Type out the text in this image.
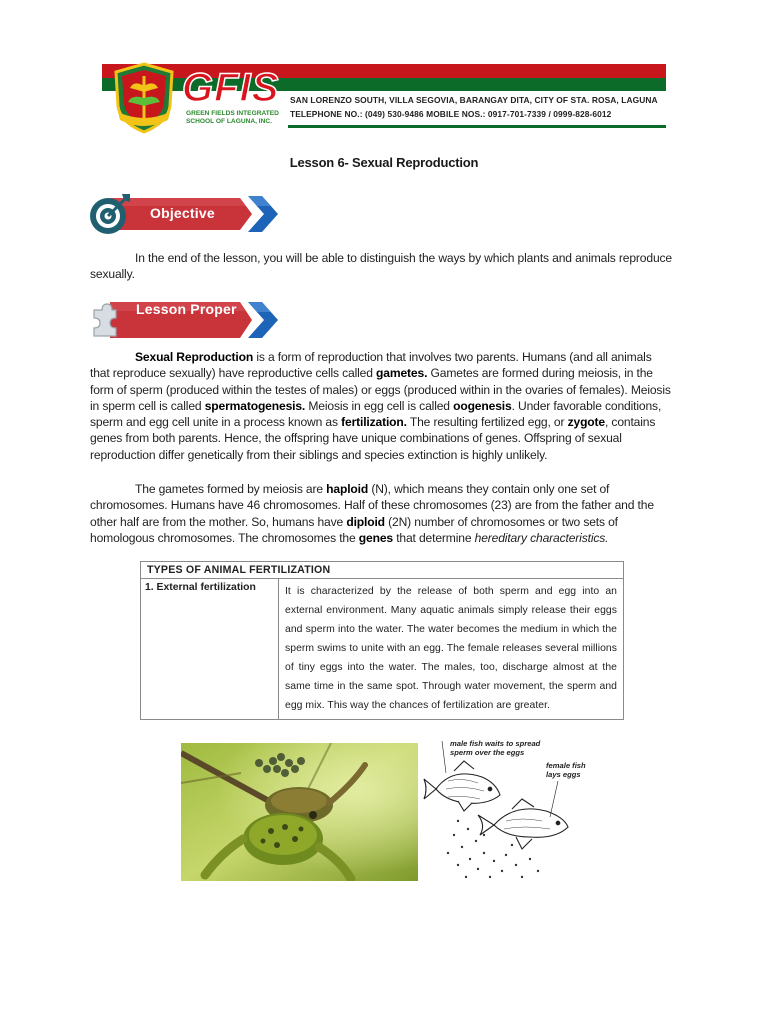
GFIS
GREEN FIELDS INTEGRATED SCHOOL OF LAGUNA, INC.
SAN LORENZO SOUTH, VILLA SEGOVIA, BARANGAY DITA, CITY OF STA. ROSA, LAGUNA
TELEPHONE NO.: (049) 530-9486 MOBILE NOS.: 0917-701-7339 / 0999-828-6012
Lesson 6- Sexual Reproduction
Objective
In the end of the lesson, you will be able to distinguish the ways by which plants and animals reproduce sexually.
Lesson Proper
Sexual Reproduction is a form of reproduction that involves two parents. Humans (and all animals that reproduce sexually) have reproductive cells called gametes. Gametes are formed during meiosis, in the form of sperm (produced within the testes of males) or eggs (produced within in the ovaries of females). Meiosis in sperm cell is called spermatogenesis. Meiosis in egg cell is called oogenesis. Under favorable conditions, sperm and egg cell unite in a process known as fertilization. The resulting fertilized egg, or zygote, contains genes from both parents. Hence, the offspring have unique combinations of genes. Offspring of sexual reproduction differ genetically from their siblings and species extinction is highly unlikely.
The gametes formed by meiosis are haploid (N), which means they contain only one set of chromosomes. Humans have 46 chromosomes. Half of these chromosomes (23) are from the father and the other half are from the mother. So, humans have diploid (2N) number of chromosomes or two sets of homologous chromosomes. The chromosomes the genes that determine hereditary characteristics.
TYPES OF ANIMAL FERTILIZATION
1. External fertilization	It is characterized by the release of both sperm and egg into an external environment. Many aquatic animals simply release their eggs and sperm into the water. The water becomes the medium in which the sperm swims to unite with an egg. The female releases several millions of tiny eggs into the water. The males, too, discharge almost at the same time in the same spot. Through water movement, the sperm and egg mix. This way the chances of fertilization are greater.
male fish waits to spread sperm over the eggs
female fish lays eggs
